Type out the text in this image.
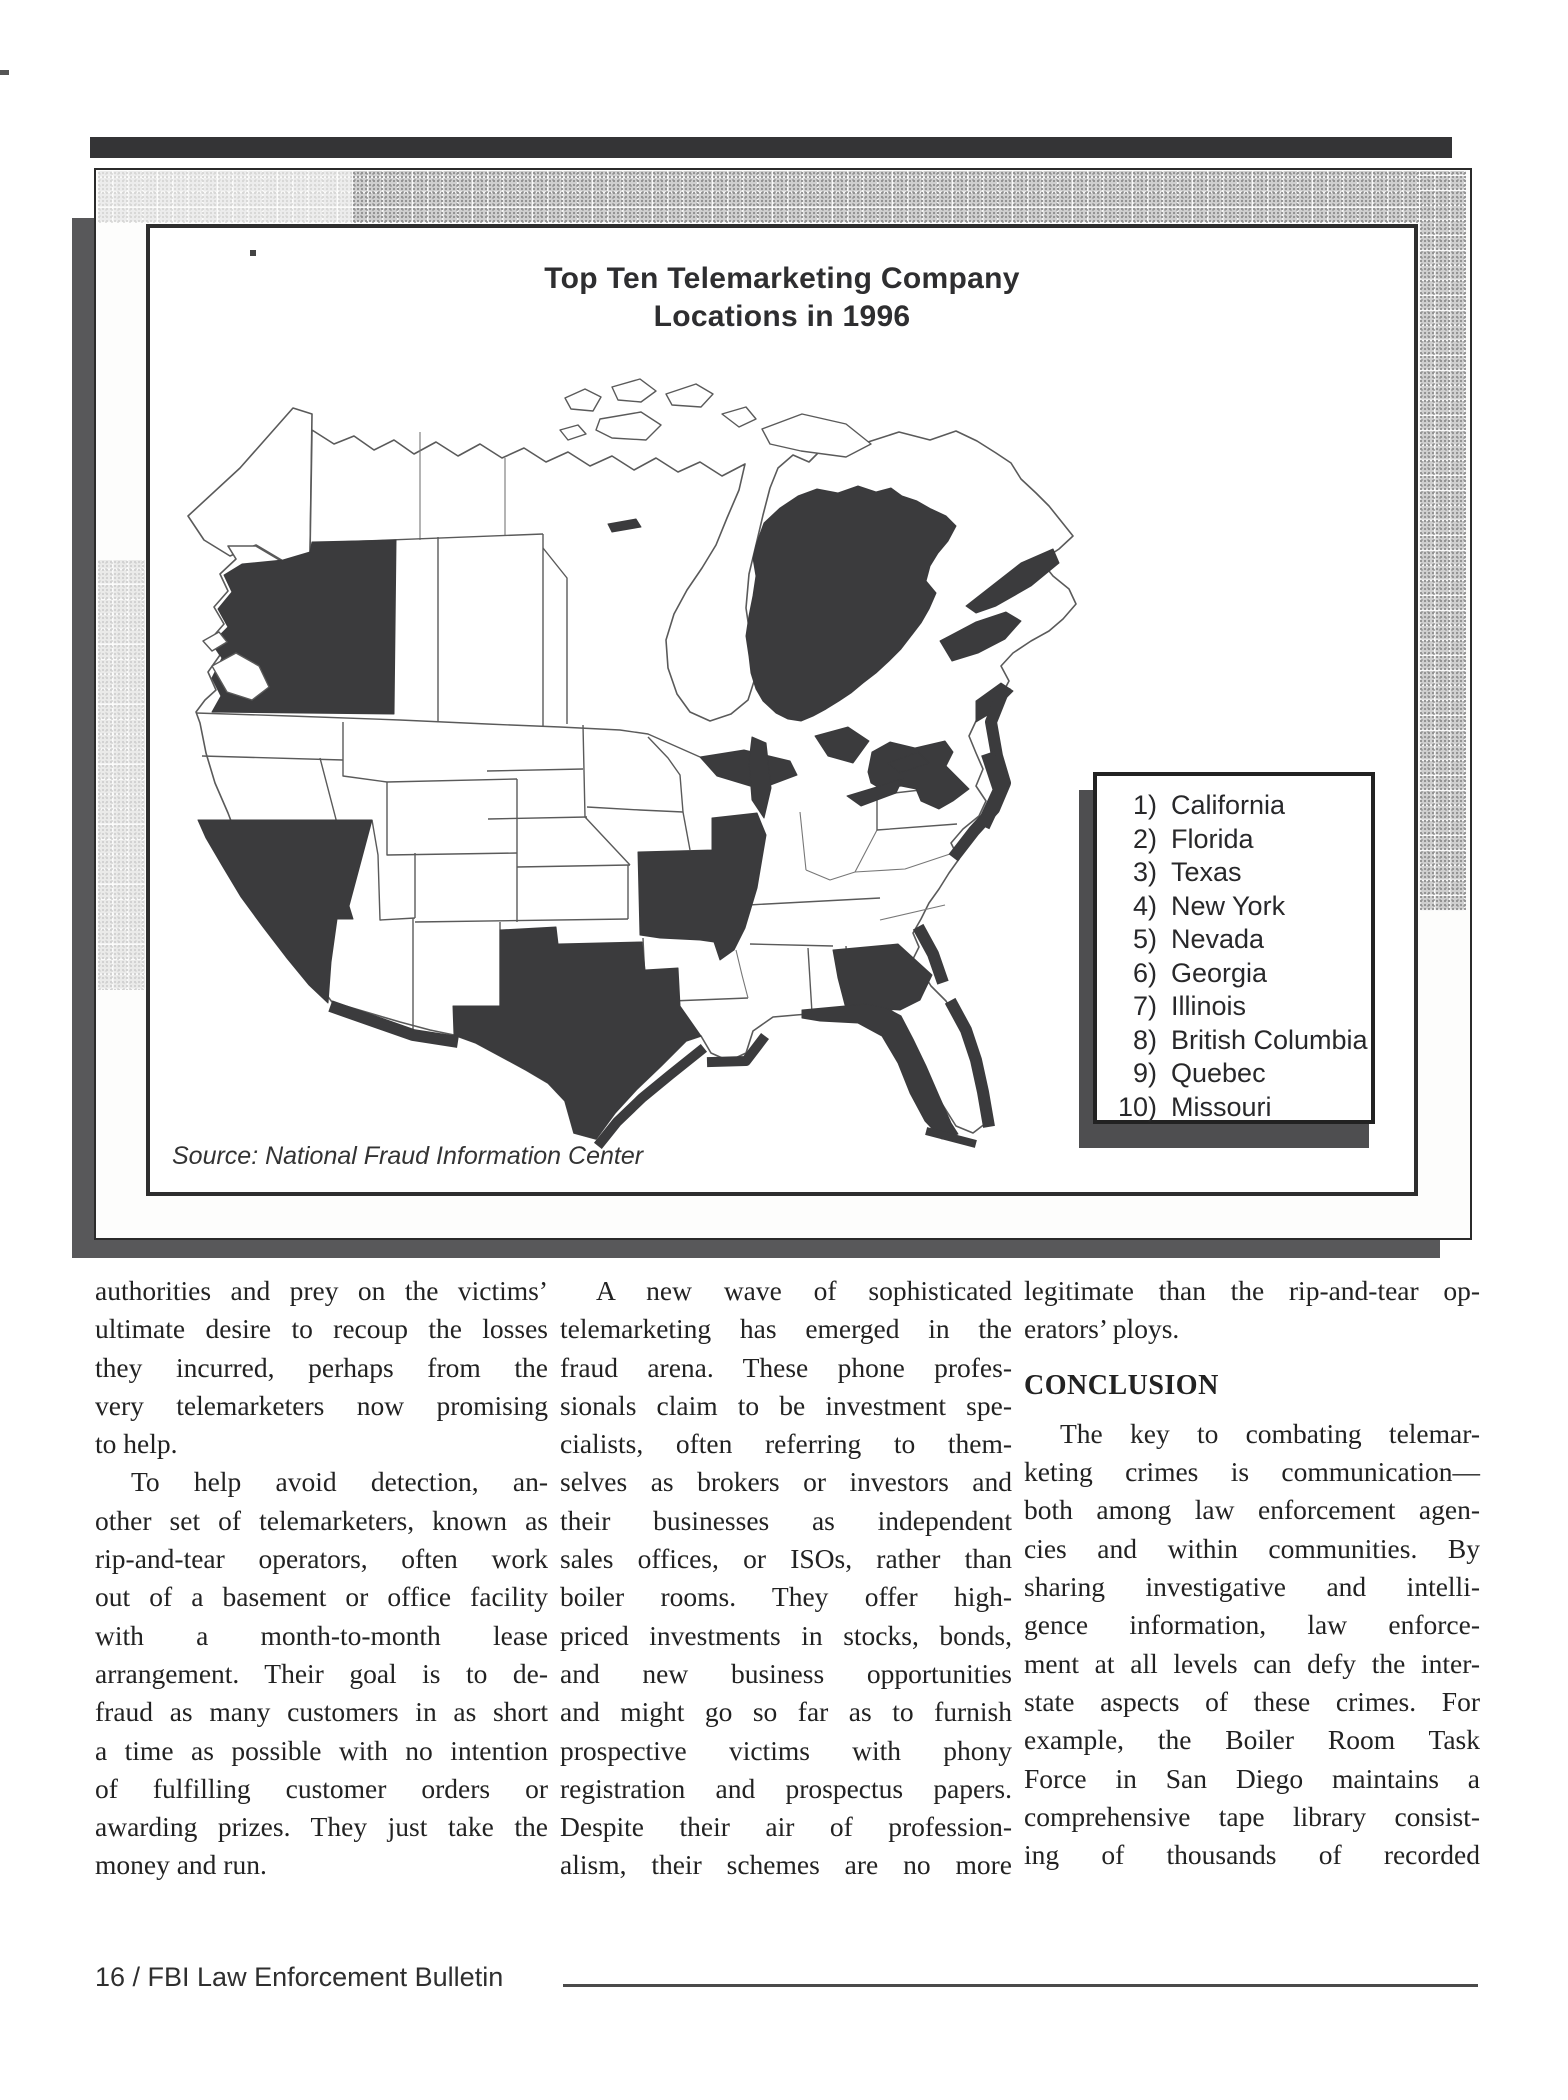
Top Ten Telemarketing Company
Locations in 1996
1) California
2) Florida
3) Texas
4) New York
5) Nevada
6) Georgia
7) Illinois
8) British Columbia
9) Quebec
10) Missouri
Source: National Fraud Information Center
authorities and prey on the victims’
ultimate desire to recoup the losses
they incurred, perhaps from the
very telemarketers now promising
to help.
To help avoid detection, an-
other set of telemarketers, known as
rip-and-tear operators, often work
out of a basement or office facility
with a month-to-month lease
arrangement. Their goal is to de-
fraud as many customers in as short
a time as possible with no intention
of fulfilling customer orders or
awarding prizes. They just take the
money and run.
A new wave of sophisticated
telemarketing has emerged in the
fraud arena. These phone profes-
sionals claim to be investment spe-
cialists, often referring to them-
selves as brokers or investors and
their businesses as independent
sales offices, or ISOs, rather than
boiler rooms. They offer high-
priced investments in stocks, bonds,
and new business opportunities
and might go so far as to furnish
prospective victims with phony
registration and prospectus papers.
Despite their air of profession-
alism, their schemes are no more
legitimate than the rip-and-tear op-
erators’ ploys.
CONCLUSION
The key to combating telemar-
keting crimes is communication—
both among law enforcement agen-
cies and within communities. By
sharing investigative and intelli-
gence information, law enforce-
ment at all levels can defy the inter-
state aspects of these crimes. For
example, the Boiler Room Task
Force in San Diego maintains a
comprehensive tape library consist-
ing of thousands of recorded
16 / FBI Law Enforcement Bulletin
